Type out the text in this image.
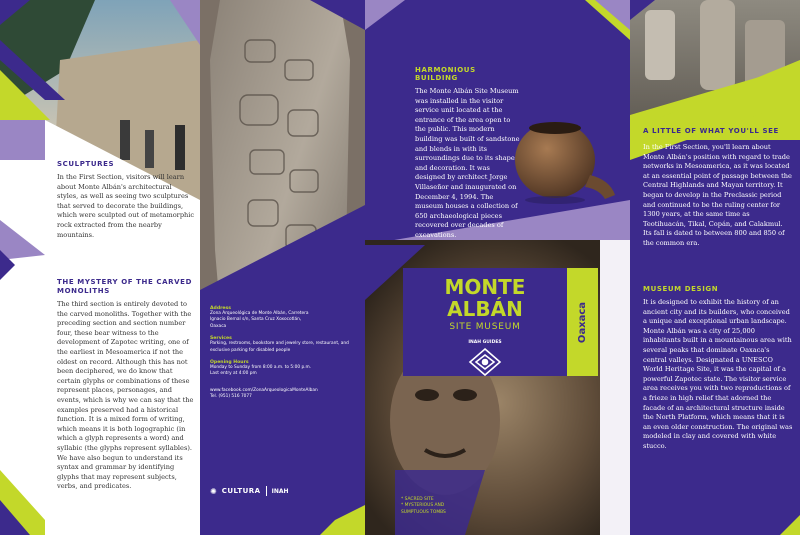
SCULPTURES
In the First Section, visitors will learn about Monte Albán's architectural styles, as well as seeing two sculptures that served to decorate the buildings, which were sculpted out of metamorphic rock extracted from the nearby mountains.
THE MYSTERY OF THE CARVED MONOLITHS
The third section is entirely devoted to the carved monoliths. Together with the preceding section and section number four, these bear witness to the development of Zapotec writing, one of the earliest in Mesoamerica if not the oldest on record. Although this has not been deciphered, we do know that certain glyphs or combinations of these represent places, personages, and events, which is why we can say that the examples preserved had a historical function. It is a mixed form of writing, which means it is both logographic (in which a glyph represents a word) and syllabic (the glyphs represent syllables). We have also begun to understand its syntax and grammar by identifying glyphs that may represent subjects, verbs, and predicates.
Address
Zona Arqueológica de Monte Albán, Carretera Ignacio Bernal s/n, Santa Cruz Xoxocotlán, Oaxaca
Services
Parking, restrooms, bookstore and jewelry store, restaurant, and exclusive parking for disabled people
Opening Hours
Monday to Sunday from 8:00 a.m. to 5:00 p.m.
Last entry at 4:00 pm
www.facebook.com/ZonaArqueologicaMonteAlban
Tel. (951) 516 7077
✺ CULTURA INAH
HARMONIOUS BUILDING
The Monte Albán Site Museum was installed in the visitor service unit located at the entrance of the area open to the public. This modern building was built of sandstone and blends in with its surroundings due to its shape and decoration. It was designed by architect Jorge Villaseñor and inaugurated on December 4, 1994. The museum houses a collection of 650 archaeological pieces recovered over decades of excavations.
MONTE
ALBÁN
SITE MUSEUM
INAH GUIDES	Oaxaca
* SACRED SITE
* MYSTERIOUS AND SUMPTUOUS TOMBS
A LITTLE OF WHAT YOU'LL SEE
In the First Section, you'll learn about Monte Albán's position with regard to trade networks in Mesoamerica, as it was located at an essential point of passage between the Central Highlands and Mayan territory. It began to develop in the Preclassic period and continued to be the ruling center for 1300 years, at the same time as Teotihuacán, Tikal, Copán, and Calakmul. Its fall is dated to between 800 and 850 of the common era.
MUSEUM DESIGN
It is designed to exhibit the history of an ancient city and its builders, who conceived a unique and exceptional urban landscape. Monte Albán was a city of 25,000 inhabitants built in a mountainous area with several peaks that dominate Oaxaca's central valleys. Designated a UNESCO World Heritage Site, it was the capital of a powerful Zapotec state. The visitor service area receives you with two reproductions of a frieze in high relief that adorned the facade of an architectural structure inside the North Platform, which means that it is an even older construction. The original was modeled in clay and covered with white stucco.
